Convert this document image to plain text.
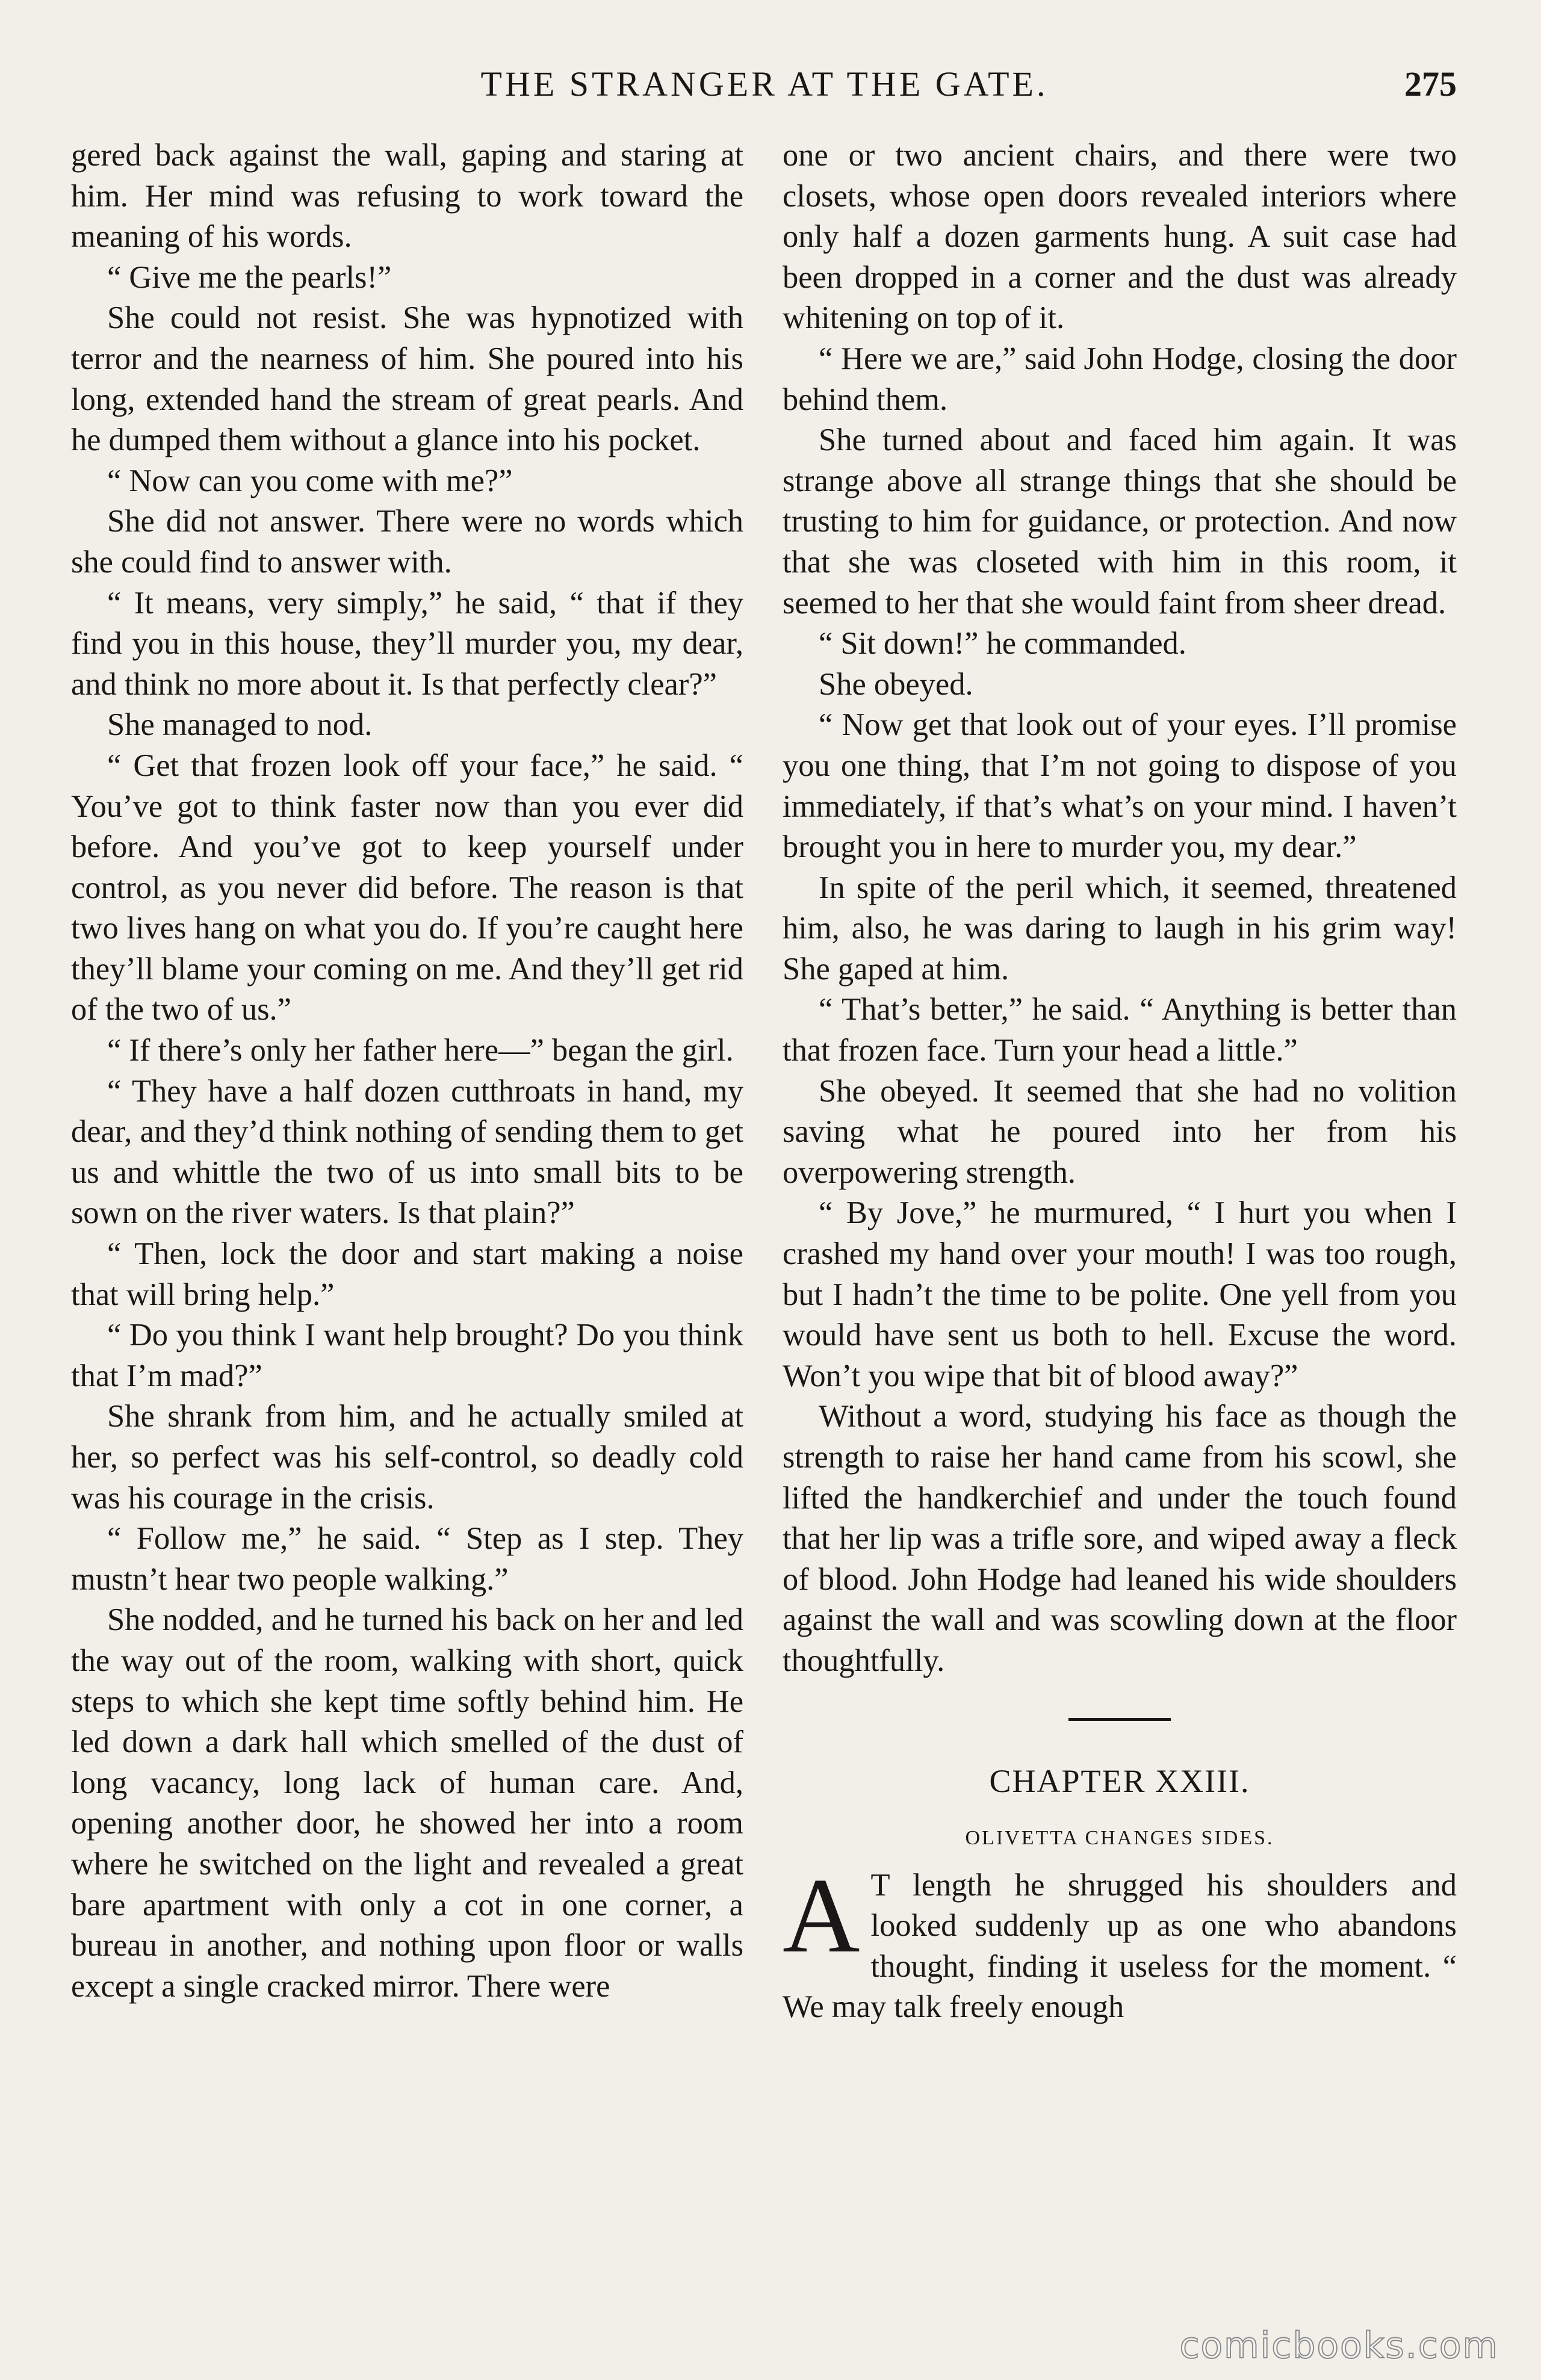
THE STRANGER AT THE GATE.	275

gered back against the wall, gaping and staring at him. Her mind was refusing to work toward the meaning of his words.

“ Give me the pearls!”

She could not resist. She was hypnotized with terror and the nearness of him. She poured into his long, extended hand the stream of great pearls. And he dumped them without a glance into his pocket.

“ Now can you come with me?”

She did not answer. There were no words which she could find to answer with.

“ It means, very simply,” he said, “ that if they find you in this house, they’ll murder you, my dear, and think no more about it. Is that perfectly clear?”

She managed to nod.

“ Get that frozen look off your face,” he said. “ You’ve got to think faster now than you ever did before. And you’ve got to keep yourself under control, as you never did before. The reason is that two lives hang on what you do. If you’re caught here they’ll blame your coming on me. And they’ll get rid of the two of us.”

“ If there’s only her father here—” began the girl.

“ They have a half dozen cutthroats in hand, my dear, and they’d think nothing of sending them to get us and whittle the two of us into small bits to be sown on the river waters. Is that plain?”

“ Then, lock the door and start making a noise that will bring help.”

“ Do you think I want help brought? Do you think that I’m mad?”

She shrank from him, and he actually smiled at her, so perfect was his self-control, so deadly cold was his courage in the crisis.

“ Follow me,” he said. “ Step as I step. They mustn’t hear two people walking.”

She nodded, and he turned his back on her and led the way out of the room, walking with short, quick steps to which she kept time softly behind him. He led down a dark hall which smelled of the dust of long vacancy, long lack of human care. And, opening another door, he showed her into a room where he switched on the light and revealed a great bare apartment with only a cot in one corner, a bureau in another, and nothing upon floor or walls except a single cracked mirror. There were

one or two ancient chairs, and there were two closets, whose open doors revealed interiors where only half a dozen garments hung. A suit case had been dropped in a corner and the dust was already whitening on top of it.

“ Here we are,” said John Hodge, closing the door behind them.

She turned about and faced him again. It was strange above all strange things that she should be trusting to him for guidance, or protection. And now that she was closeted with him in this room, it seemed to her that she would faint from sheer dread.

“ Sit down!” he commanded.

She obeyed.

“ Now get that look out of your eyes. I’ll promise you one thing, that I’m not going to dispose of you immediately, if that’s what’s on your mind. I haven’t brought you in here to murder you, my dear.”

In spite of the peril which, it seemed, threatened him, also, he was daring to laugh in his grim way! She gaped at him.

“ That’s better,” he said. “ Anything is better than that frozen face. Turn your head a little.”

She obeyed. It seemed that she had no volition saving what he poured into her from his overpowering strength.

“ By Jove,” he murmured, “ I hurt you when I crashed my hand over your mouth! I was too rough, but I hadn’t the time to be polite. One yell from you would have sent us both to hell. Excuse the word. Won’t you wipe that bit of blood away?”

Without a word, studying his face as though the strength to raise her hand came from his scowl, she lifted the handkerchief and under the touch found that her lip was a trifle sore, and wiped away a fleck of blood. John Hodge had leaned his wide shoulders against the wall and was scowling down at the floor thoughtfully.

CHAPTER XXIII.

OLIVETTA CHANGES SIDES.

A T length he shrugged his shoulders and looked suddenly up as one who abandons thought, finding it useless for the moment. “ We may talk freely enough

comicbooks.com
